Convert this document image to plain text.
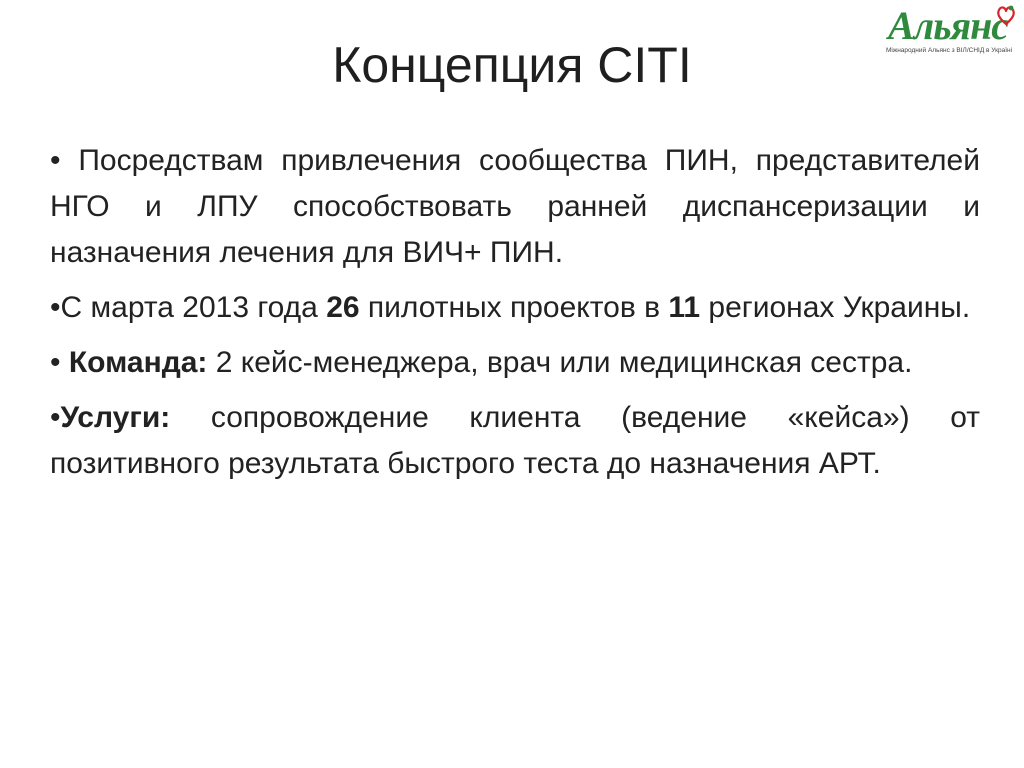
Альянс
Міжнародний Альянс з ВІЛ/СНІД в Україні
Концепция CITI

• Посредствам привлечения сообщества ПИН, представителей НГО и ЛПУ способствовать ранней диспансеризации и назначения лечения для ВИЧ+ ПИН.

•С марта 2013 года 26 пилотных проектов в 11 регионах Украины.

• Команда: 2 кейс-менеджера, врач или медицинская сестра.

•Услуги: сопровождение клиента (ведение «кейса») от позитивного результата быстрого теста до назначения АРТ.
